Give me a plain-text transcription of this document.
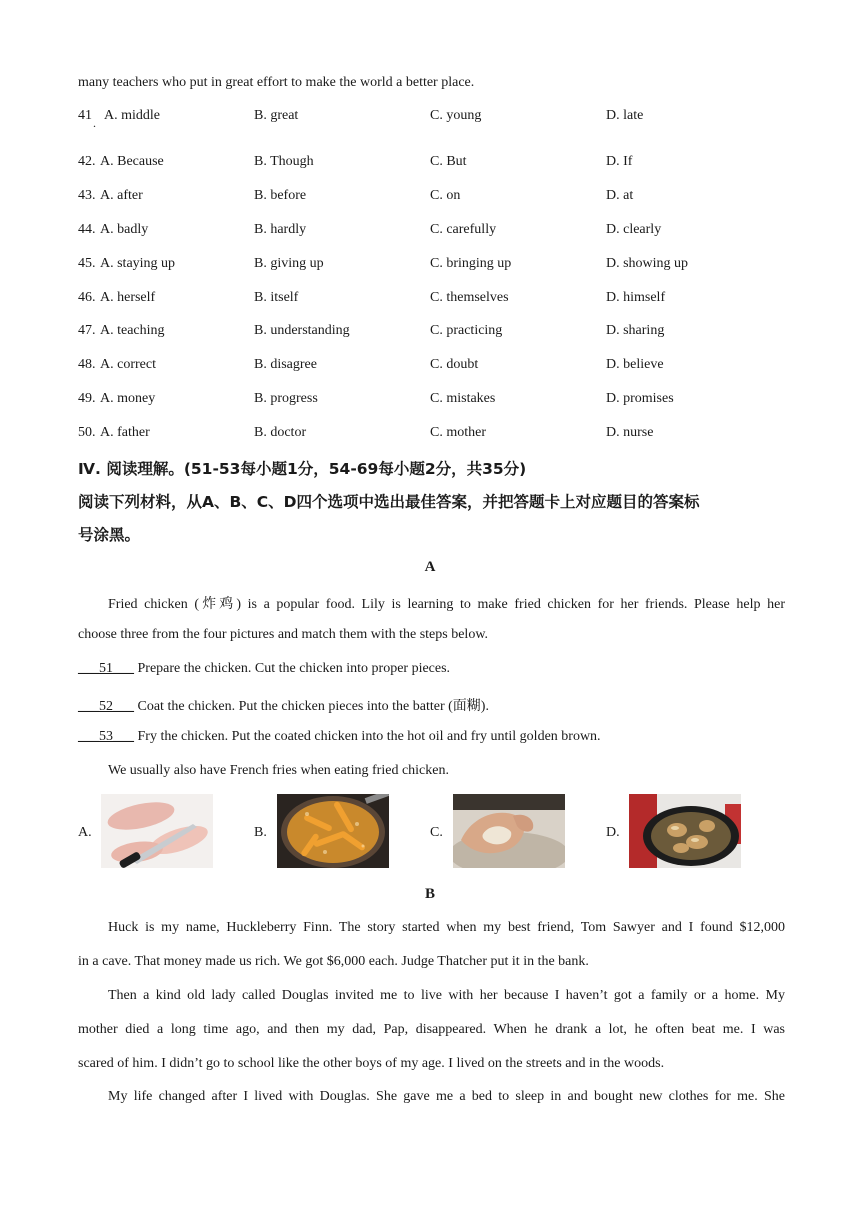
many teachers who put in great effort to make the world a better place.
41 . A. middle	B. great	C. young	D. late
42. A. Because	B. Though	C. But	D. If
43. A. after	B. before	C. on	D. at
44. A. badly	B. hardly	C. carefully	D. clearly
45. A. staying up	B. giving up	C. bringing up	D. showing up
46. A. herself	B. itself	C. themselves	D. himself
47. A. teaching	B. understanding	C. practicing	D. sharing
48. A. correct	B. disagree	C. doubt	D. believe
49. A. money	B. progress	C. mistakes	D. promises
50. A. father	B. doctor	C. mother	D. nurse
Ⅳ. 阅读理解。(51-53每小题1分，54-69每小题2分，共35分)
阅读下列材料，从A、B、C、D四个选项中选出最佳答案，并把答题卡上对应题目的答案标
号涂黑。
A
Fried chicken (炸鸡) is a popular food. Lily is learning to make fried chicken for her friends. Please help her
choose three from the four pictures and match them with the steps below.
___51___ Prepare the chicken. Cut the chicken into proper pieces.
___52___ Coat the chicken. Put the chicken pieces into the batter (面糊).
___53___ Fry the chicken. Put the coated chicken into the hot oil and fry until golden brown.
We usually also have French fries when eating fried chicken.
A.	B.	C.	D.
B
Huck is my name, Huckleberry Finn. The story started when my best friend, Tom Sawyer and I found $12,000
in a cave. That money made us rich. We got $6,000 each. Judge Thatcher put it in the bank.
Then a kind old lady called Douglas invited me to live with her because I haven’t got a family or a home. My
mother died a long time ago, and then my dad, Pap, disappeared. When he drank a lot, he often beat me. I was
scared of him. I didn’t go to school like the other boys of my age. I lived on the streets and in the woods.
My life changed after I lived with Douglas. She gave me a bed to sleep in and bought new clothes for me. She
